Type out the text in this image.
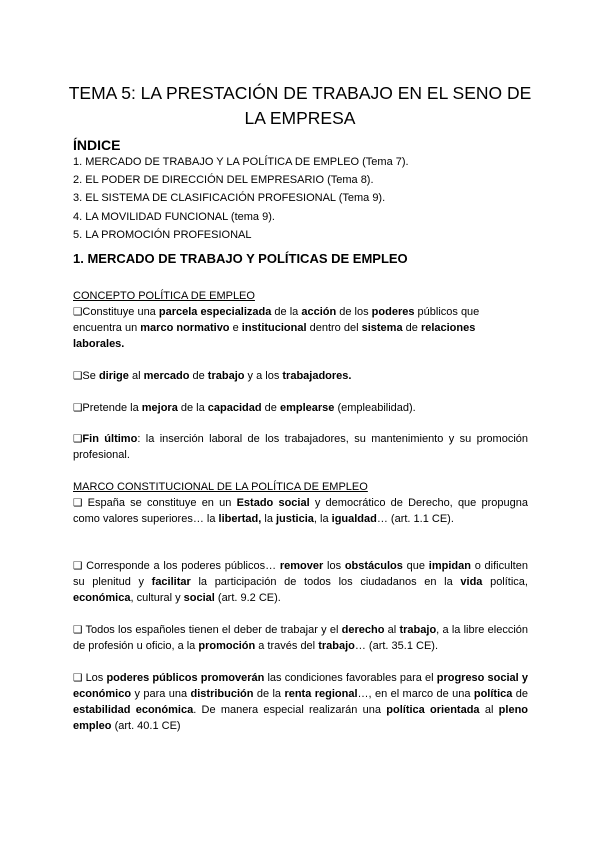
TEMA 5: LA PRESTACIÓN DE TRABAJO EN EL SENO DE LA EMPRESA
ÍNDICE
1. MERCADO DE TRABAJO Y LA POLÍTICA DE EMPLEO (Tema 7).
2. EL PODER DE DIRECCIÓN DEL EMPRESARIO (Tema 8).
3. EL SISTEMA DE CLASIFICACIÓN PROFESIONAL (Tema 9).
4. LA MOVILIDAD FUNCIONAL (tema 9).
5. LA PROMOCIÓN PROFESIONAL
1. MERCADO DE TRABAJO Y POLÍTICAS DE EMPLEO
CONCEPTO POLÍTICA DE EMPLEO

❑Constituye una parcela especializada de la acción de los poderes públicos que encuentra un marco normativo e institucional dentro del sistema de relaciones laborales.

❑Se dirige al mercado de trabajo y a los trabajadores.

❑Pretende la mejora de la capacidad de emplearse (empleabilidad).

❑Fin último: la inserción laboral de los trabajadores, su mantenimiento y su promoción profesional.

MARCO CONSTITUCIONAL DE LA POLÍTICA DE EMPLEO

❑ España se constituye en un Estado social y democrático de Derecho, que propugna como valores superiores… la libertad, la justicia, la igualdad… (art. 1.1 CE).

❑ Corresponde a los poderes públicos… remover los obstáculos que impidan o dificulten su plenitud y facilitar la participación de todos los ciudadanos en la vida política, económica, cultural y social (art. 9.2 CE).

❑ Todos los españoles tienen el deber de trabajar y el derecho al trabajo, a la libre elección de profesión u oficio, a la promoción a través del trabajo… (art. 35.1 CE).

❑ Los poderes públicos promoverán las condiciones favorables para el progreso social y económico y para una distribución de la renta regional…, en el marco de una política de estabilidad económica. De manera especial realizarán una política orientada al pleno empleo (art. 40.1 CE)
